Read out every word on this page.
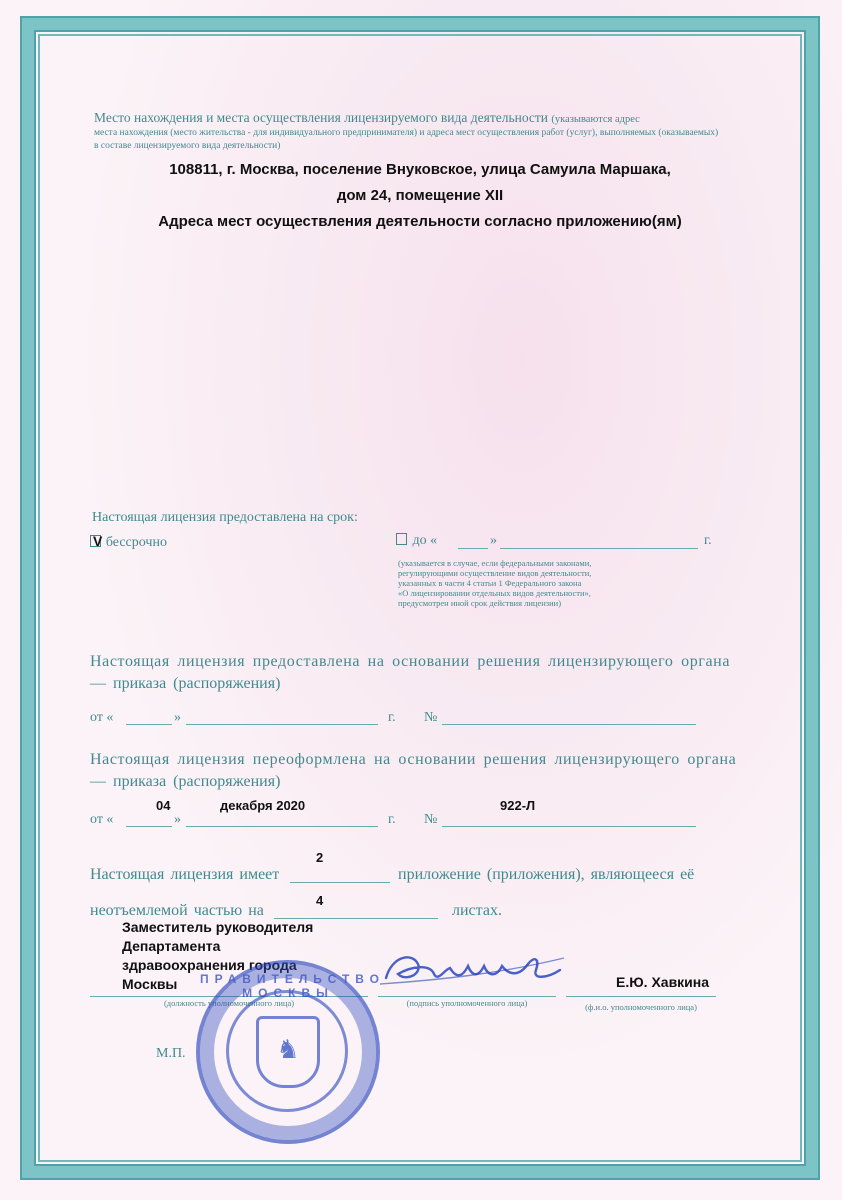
Место нахождения и места осуществления лицензируемого вида деятельности (указываются адрес
места нахождения (место жительства - для индивидуального предпринимателя) и адреса мест осуществления работ (услуг), выполняемых (оказываемых)
в составе лицензируемого вида деятельности)
108811, г. Москва, поселение Внуковское, улица Самуила Маршака,
дом 24, помещение XII
Адреса мест осуществления деятельности согласно приложению(ям)
Настоящая лицензия предоставлена на срок:
V бессрочно	до «	»	г.
(указывается в случае, если федеральными законами,
регулирующими осуществление видов деятельности,
указанных в части 4 статьи 1 Федерального закона
«О лицензировании отдельных видов деятельности»,
предусмотрен иной срок действия лицензии)
Настоящая лицензия предоставлена на основании решения лицензирующего органа
— приказа (распоряжения)
от «	»	г. №
Настоящая лицензия переоформлена на основании решения лицензирующего органа
— приказа (распоряжения)
04	декабря 2020	922-Л
от «	»	г. №
2
Настоящая лицензия имеет	приложение (приложения), являющееся её
4
неотъемлемой частью на	листах.
Заместитель руководителя
Департамента
здравоохранения города
Москвы	Е.Ю. Хавкина
(должность уполномоченного лица)	(подпись уполномоченного лица)	(ф.и.о. уполномоченного лица)
М.П.
ПРАВИТЕЛЬСТВО МОСКВЫ
♞
